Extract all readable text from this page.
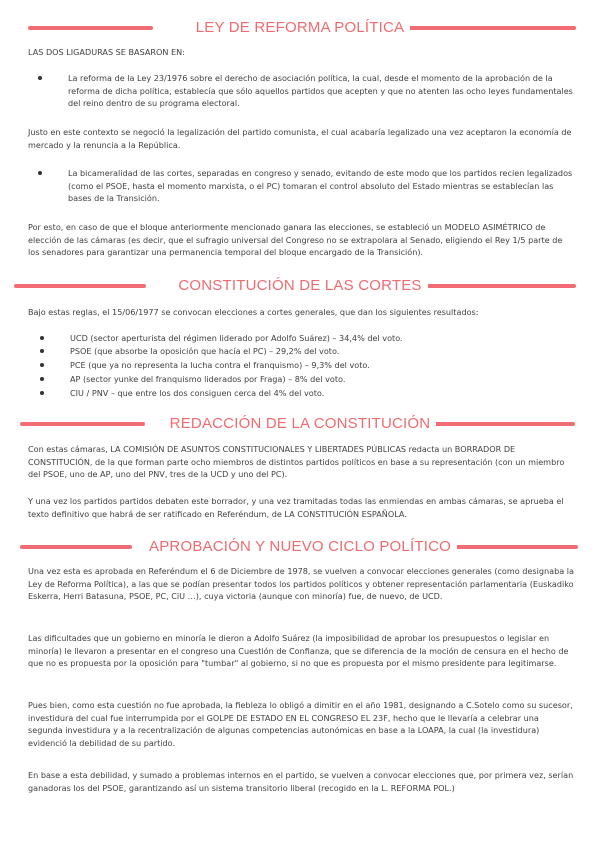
LEY DE REFORMA POLÍTICA

LAS DOS LIGADURAS SE BASARON EN:

La reforma de la Ley 23/1976 sobre el derecho de asociación política, la cual, desde el momento de la aprobación de la reforma de dicha política, establecía que sólo aquellos partidos que acepten y que no atenten las ocho leyes fundamentales del reino dentro de su programa electoral.

Justo en este contexto se negoció la legalización del partido comunista, el cual acabaría legalizado una vez aceptaron la economía de mercado y la renuncia a la República.

La bicameralidad de las cortes, separadas en congreso y senado, evitando de este modo que los partidos recien legalizados (como el PSOE, hasta el momento marxista, o el PC) tomaran el control absoluto del Estado mientras se establecían las bases de la Transición.

Por esto, en caso de que el bloque anteriormente mencionado ganara las elecciones, se estableció un MODELO ASIMÉTRICO de elección de las cámaras (es decir, que el sufragio universal del Congreso no se extrapolara al Senado, eligiendo el Rey 1/5 parte de los senadores para garantizar una permanencia temporal del bloque encargado de la Transición).

CONSTITUCIÓN DE LAS CORTES

Bajo estas reglas, el 15/06/1977 se convocan elecciones a cortes generales, que dan los siguientes resultados:

UCD (sector aperturista del régimen liderado por Adolfo Suárez) – 34,4% del voto.
PSOE (que absorbe la oposición que hacía el PC) – 29,2% del voto.
PCE (que ya no representa la lucha contra el franquismo) – 9,3% del voto.
AP (sector yunke del franquismo liderados por Fraga) – 8% del voto.
CIU / PNV – que entre los dos consiguen cerca del 4% del voto.
REDACCIÓN DE LA CONSTITUCIÓN

Con estas cámaras, LA COMISIÓN DE ASUNTOS CONSTITUCIONALES Y LIBERTADES PÚBLICAS redacta un BORRADOR DE CONSTITUCIÓN, de la que forman parte ocho miembros de distintos partidos políticos en base a su representación (con un miembro del PSOE, uno de AP, uno del PNV, tres de la UCD y uno del PC).

Y una vez los partidos partidos debaten este borrador, y una vez tramitadas todas las enmiendas en ambas cámaras, se aprueba el texto definitivo que habrá de ser ratificado en Referéndum, de LA CONSTITUCIÓN ESPAÑOLA.

APROBACIÓN Y NUEVO CICLO POLÍTICO

Una vez esta es aprobada en Referéndum el 6 de Diciembre de 1978, se vuelven a convocar elecciones generales (como designaba la Ley de Reforma Política), a las que se podían presentar todos los partidos políticos y obtener representación parlamentaria (Euskadiko Eskerra, Herri Batasuna, PSOE, PC, CiU …), cuya victoria (aunque con minoría) fue, de nuevo, de UCD.

Las dificultades que un gobierno en minoría le dieron a Adolfo Suárez (la imposibilidad de aprobar los presupuestos o legislar en minoría) le llevaron a presentar en el congreso una Cuestión de Confianza, que se diferencia de la moción de censura en el hecho de que no es propuesta por la oposición para "tumbar" al gobierno, si no que es propuesta por el mismo presidente para legitimarse.

Pues bien, como esta cuestión no fue aprobada, la fiebleza lo obligó a dimitir en el año 1981, designando a C.Sotelo como su sucesor, investidura del cual fue interrumpida por el GOLPE DE ESTADO EN EL CONGRESO EL 23F, hecho que le llevaría a celebrar una segunda investidura y a la recentralización de algunas competencias autonómicas en base a la LOAPA, la cual (la investidura) evidenció la debilidad de su partido.

En base a esta debilidad, y sumado a problemas internos en el partido, se vuelven a convocar elecciones que, por primera vez, serían ganadoras los del PSOE, garantizando así un sistema transitorio liberal (recogido en la L. REFORMA POL.)
